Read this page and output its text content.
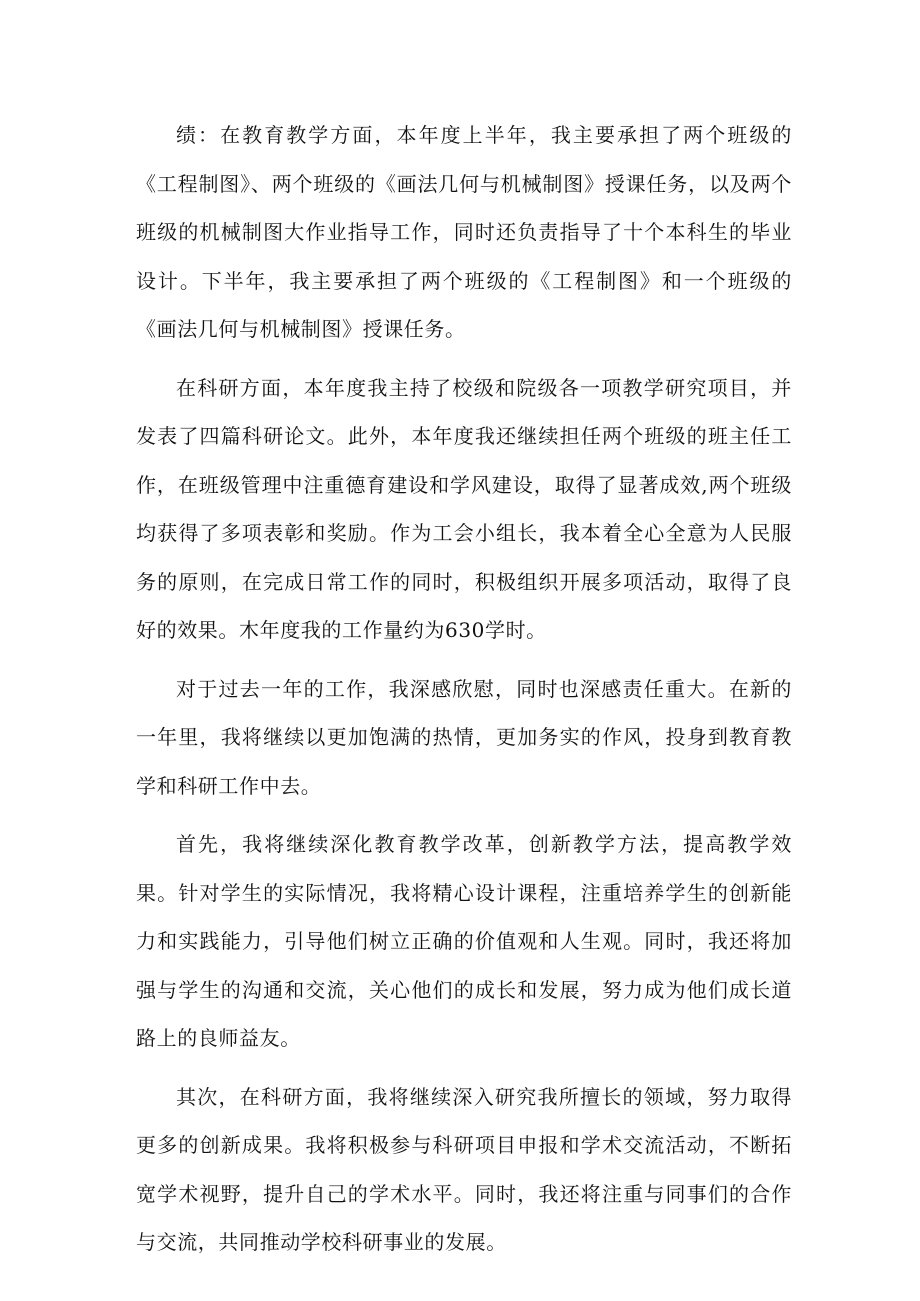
绩：在教育教学方面，本年度上半年，我主要承担了两个班级的《工程制图》、两个班级的《画法几何与机械制图》授课任务，以及两个班级的机械制图大作业指导工作，同时还负责指导了十个本科生的毕业设计。下半年，我主要承担了两个班级的《工程制图》和一个班级的《画法几何与机械制图》授课任务。

在科研方面，本年度我主持了校级和院级各一项教学研究项目，并发表了四篇科研论文。此外，本年度我还继续担任两个班级的班主任工作，在班级管理中注重德育建设和学风建设，取得了显著成效,两个班级均获得了多项表彰和奖励。作为工会小组长，我本着全心全意为人民服务的原则，在完成日常工作的同时，积极组织开展多项活动，取得了良好的效果。木年度我的工作量约为630学时。

对于过去一年的工作，我深感欣慰，同时也深感责任重大。在新的一年里，我将继续以更加饱满的热情，更加务实的作风，投身到教育教学和科研工作中去。

首先，我将继续深化教育教学改革，创新教学方法，提高教学效果。针对学生的实际情况，我将精心设计课程，注重培养学生的创新能力和实践能力，引导他们树立正确的价值观和人生观。同时，我还将加强与学生的沟通和交流，关心他们的成长和发展，努力成为他们成长道路上的良师益友。

其次，在科研方面，我将继续深入研究我所擅长的领域，努力取得更多的创新成果。我将积极参与科研项目申报和学术交流活动，不断拓宽学术视野，提升自己的学术水平。同时，我还将注重与同事们的合作与交流，共同推动学校科研事业的发展。
